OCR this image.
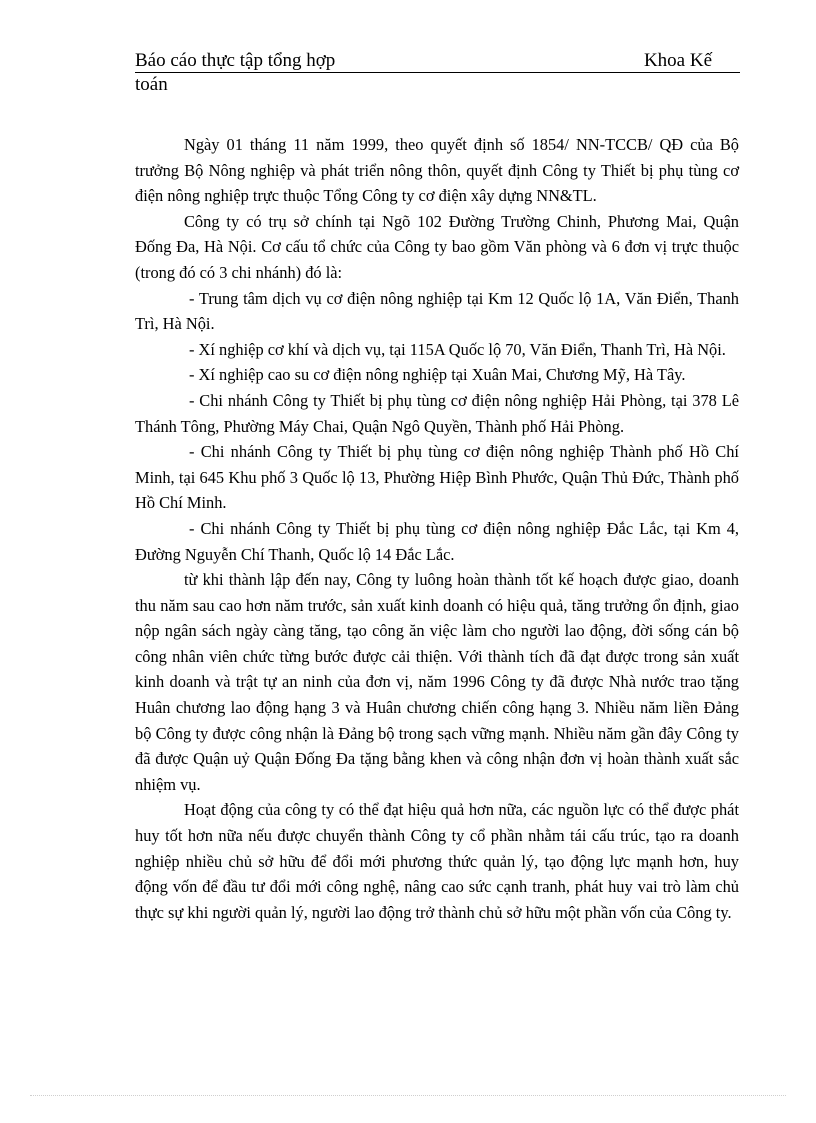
Báo cáo thực tập tổng hợp	Khoa Kế
toán

Ngày 01 tháng 11 năm 1999, theo quyết định số 1854/ NN-TCCB/ QĐ của Bộ trưởng Bộ Nông nghiệp và phát triển nông thôn, quyết định Công ty Thiết bị phụ tùng cơ điện nông nghiệp trực thuộc Tổng Công ty cơ điện xây dựng NN&TL.

Công ty có trụ sở chính tại Ngõ 102 Đường Trường Chinh, Phương Mai, Quận Đống Đa, Hà Nội. Cơ cấu tổ chức của Công ty bao gồm Văn phòng và 6 đơn vị trực thuộc (trong đó có 3 chi nhánh) đó là:

- Trung tâm dịch vụ cơ điện nông nghiệp tại Km 12 Quốc lộ 1A, Văn Điển, Thanh Trì, Hà Nội.

- Xí nghiệp cơ khí và dịch vụ, tại 115A Quốc lộ 70, Văn Điển, Thanh Trì, Hà Nội.

- Xí nghiệp cao su cơ điện nông nghiệp tại Xuân Mai, Chương Mỹ, Hà Tây.

- Chi nhánh Công ty Thiết bị phụ tùng cơ điện nông nghiệp Hải Phòng, tại 378 Lê Thánh Tông, Phường Máy Chai, Quận Ngô Quyền, Thành phố Hải Phòng.

- Chi nhánh Công ty Thiết bị phụ tùng cơ điện nông nghiệp Thành phố Hồ Chí Minh, tại 645 Khu phố 3 Quốc lộ 13, Phường Hiệp Bình Phước, Quận Thủ Đức, Thành phố Hồ Chí Minh.

- Chi nhánh Công ty Thiết bị phụ tùng cơ điện nông nghiệp Đắc Lắc, tại Km 4, Đường Nguyễn Chí Thanh, Quốc lộ 14 Đắc Lắc.

từ khi thành lập đến nay, Công ty luông hoàn thành tốt kế hoạch được giao, doanh thu năm sau cao hơn năm trước, sản xuất kinh doanh có hiệu quả, tăng trưởng ổn định, giao nộp ngân sách ngày càng tăng, tạo công ăn việc làm cho người lao động, đời sống cán bộ công nhân viên chức từng bước được cải thiện. Với thành tích đã đạt được trong sản xuất kinh doanh và trật tự an ninh của đơn vị, năm 1996 Công ty đã được Nhà nước trao tặng Huân chương lao động hạng 3 và Huân chương chiến công hạng 3. Nhiều năm liền Đảng bộ Công ty được công nhận là Đảng bộ trong sạch vững mạnh. Nhiều năm gần đây Công ty đã được Quận uỷ Quận Đống Đa tặng bằng khen và công nhận đơn vị hoàn thành xuất sắc nhiệm vụ.

Hoạt động của công ty có thể đạt hiệu quả hơn nữa, các nguồn lực có thể được phát huy tốt hơn nữa nếu được chuyển thành Công ty cổ phần nhằm tái cấu trúc, tạo ra doanh nghiệp nhiều chủ sở hữu để đổi mới phương thức quản lý, tạo động lực mạnh hơn, huy động vốn để đầu tư đổi mới công nghệ, nâng cao sức cạnh tranh, phát huy vai trò làm chủ thực sự khi người quản lý, người lao động trở thành chủ sở hữu một phần vốn của Công ty.
